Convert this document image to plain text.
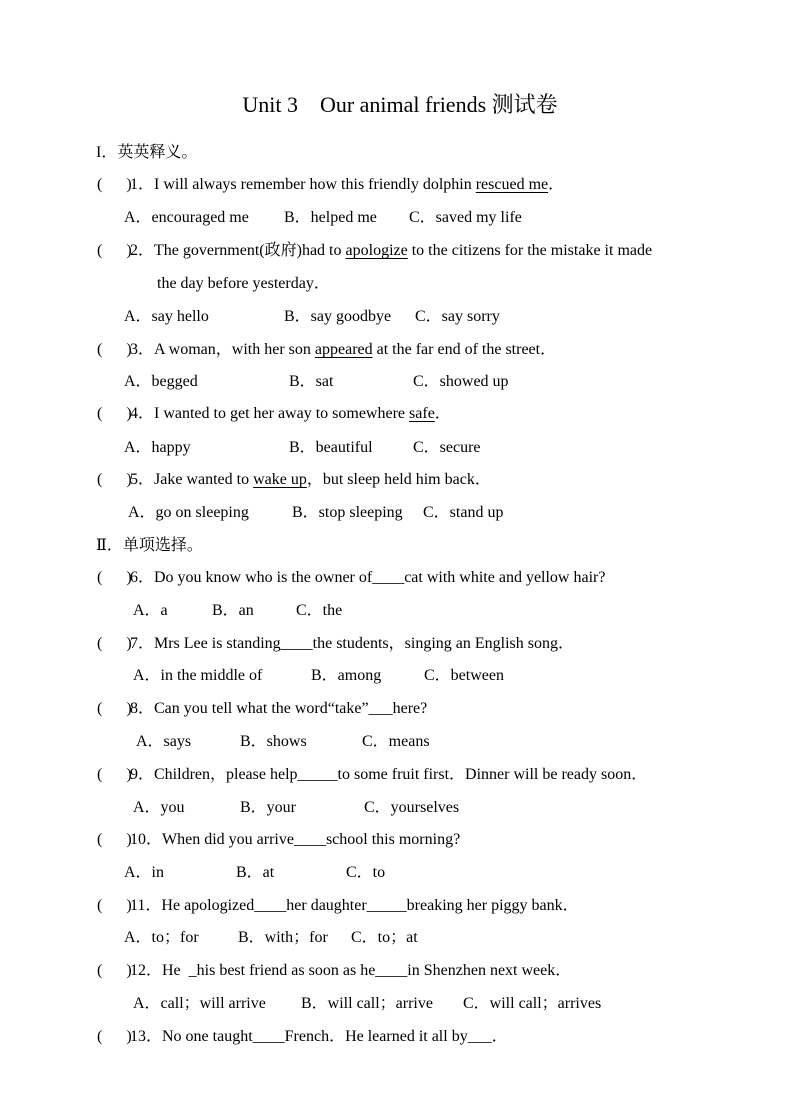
Unit 3    Our animal friends 测试卷
I．英英释义。
(      )
1．I will always remember how this friendly dolphin rescued me．
A．encouraged me B．helped me C．saved my life
(      )
2．The government(政府)had to apologize to the citizens for the mistake it made
the day before yesterday．
A．say hello	B．say goodbye C．say sorry
(      )
3．A woman，with her son appeared at the far end of the street．
A．begged	B．sat	C．showed up
(      )
4．I wanted to get her away to somewhere safe．
A．happy	B．beautiful	C．secure
(      )
5．Jake wanted to wake up，but sleep held him back．
A．go on sleeping	B．stop sleeping C．stand up
Ⅱ．单项选择。
(      )
6．Do you know who is the owner of____cat with white and yellow hair?
A．a	B．an	C．the
(      )
7．Mrs Lee is standing____the students，singing an English song．
A．in the middle of	B．among	C．between
(      )
8．Can you tell what the word“take”___here?
A．says	B．shows	C．means
(      )
9．Children，please help_____to some fruit first．Dinner will be ready soon．
A．you	B．your	C．yourselves
(      )
10．When did you arrive____school this morning?
A．in	B．at	C．to
(      )
11．He apologized____her daughter_____breaking her piggy bank．
A．to；for B．with；for C．to；at
(      )
12．He  _his best friend as soon as he____in Shenzhen next week．
A．call；will arrive B．will call；arrive C．will call；arrives
(      )
13．No one taught____French．He learned it all by___．
